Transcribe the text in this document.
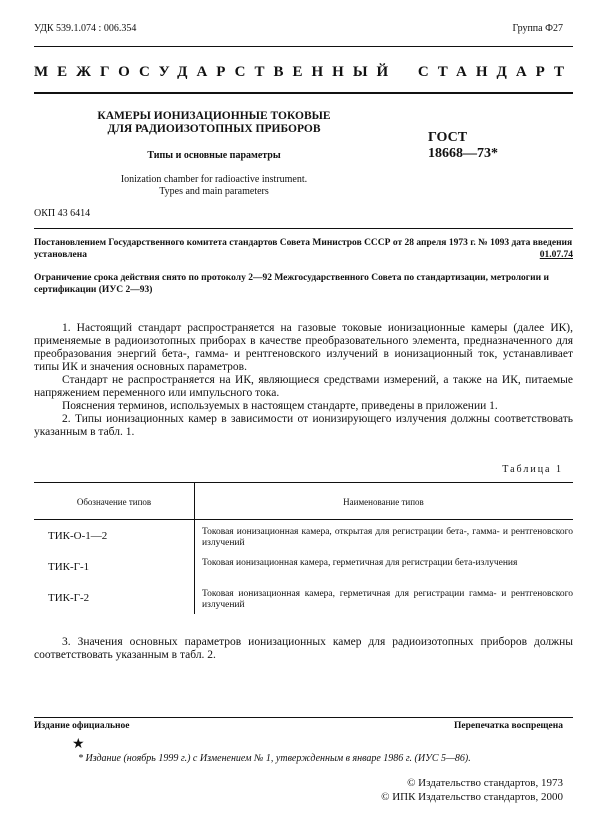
УДК 539.1.074 : 006.354	Группа Ф27
МЕЖГОСУДАРСТВЕННЫЙ СТАНДАРТ
КАМЕРЫ ИОНИЗАЦИОННЫЕ ТОКОВЫЕ
ДЛЯ РАДИОИЗОТОПНЫХ ПРИБОРОВ
Типы и основные параметры
Ionization chamber for radioactive instrument.
Types and main parameters
ГОСТ
18668—73*
ОКП 43 6414
Постановлением Государственного комитета стандартов Совета Министров СССР от 28 апреля 1973 г. № 1093 дата введения установлена	01.07.74
Ограничение срока действия снято по протоколу 2—92 Межгосударственного Совета по стандартизации, метрологии и сертификации (ИУС 2—93)
1. Настоящий стандарт распространяется на газовые токовые ионизационные камеры (далее ИК), применяемые в радиоизотопных приборах в качестве преобразовательного элемента, предназначенного для преобразования энергий бета-, гамма- и рентгеновского излучений в ионизационный ток, устанавливает типы ИК и значения основных параметров.
Стандарт не распространяется на ИК, являющиеся средствами измерений, а также на ИК, питаемые напряжением переменного или импульсного тока.
Пояснения терминов, используемых в настоящем стандарте, приведены в приложении 1.
2. Типы ионизационных камер в зависимости от ионизирующего излучения должны соответствовать указанным в табл. 1.
Таблица 1
Обозначение типов	Наименование типов
ТИК-О-1—2	Токовая ионизационная камера, открытая для регистрации бета-, гамма- и рентгеновского излучений
ТИК-Г-1	Токовая ионизационная камера, герметичная для регистрации бета-излучения
ТИК-Г-2	Токовая ионизационная камера, герметичная для регистрации гамма- и рентгеновского излучений
3. Значения основных параметров ионизационных камер для радиоизотопных приборов должны соответствовать указанным в табл. 2.
Издание официальное	Перепечатка воспрещена
★
* Издание (ноябрь 1999 г.) с Изменением № 1, утвержденным в январе 1986 г. (ИУС 5—86).
© Издательство стандартов, 1973
© ИПК Издательство стандартов, 2000
